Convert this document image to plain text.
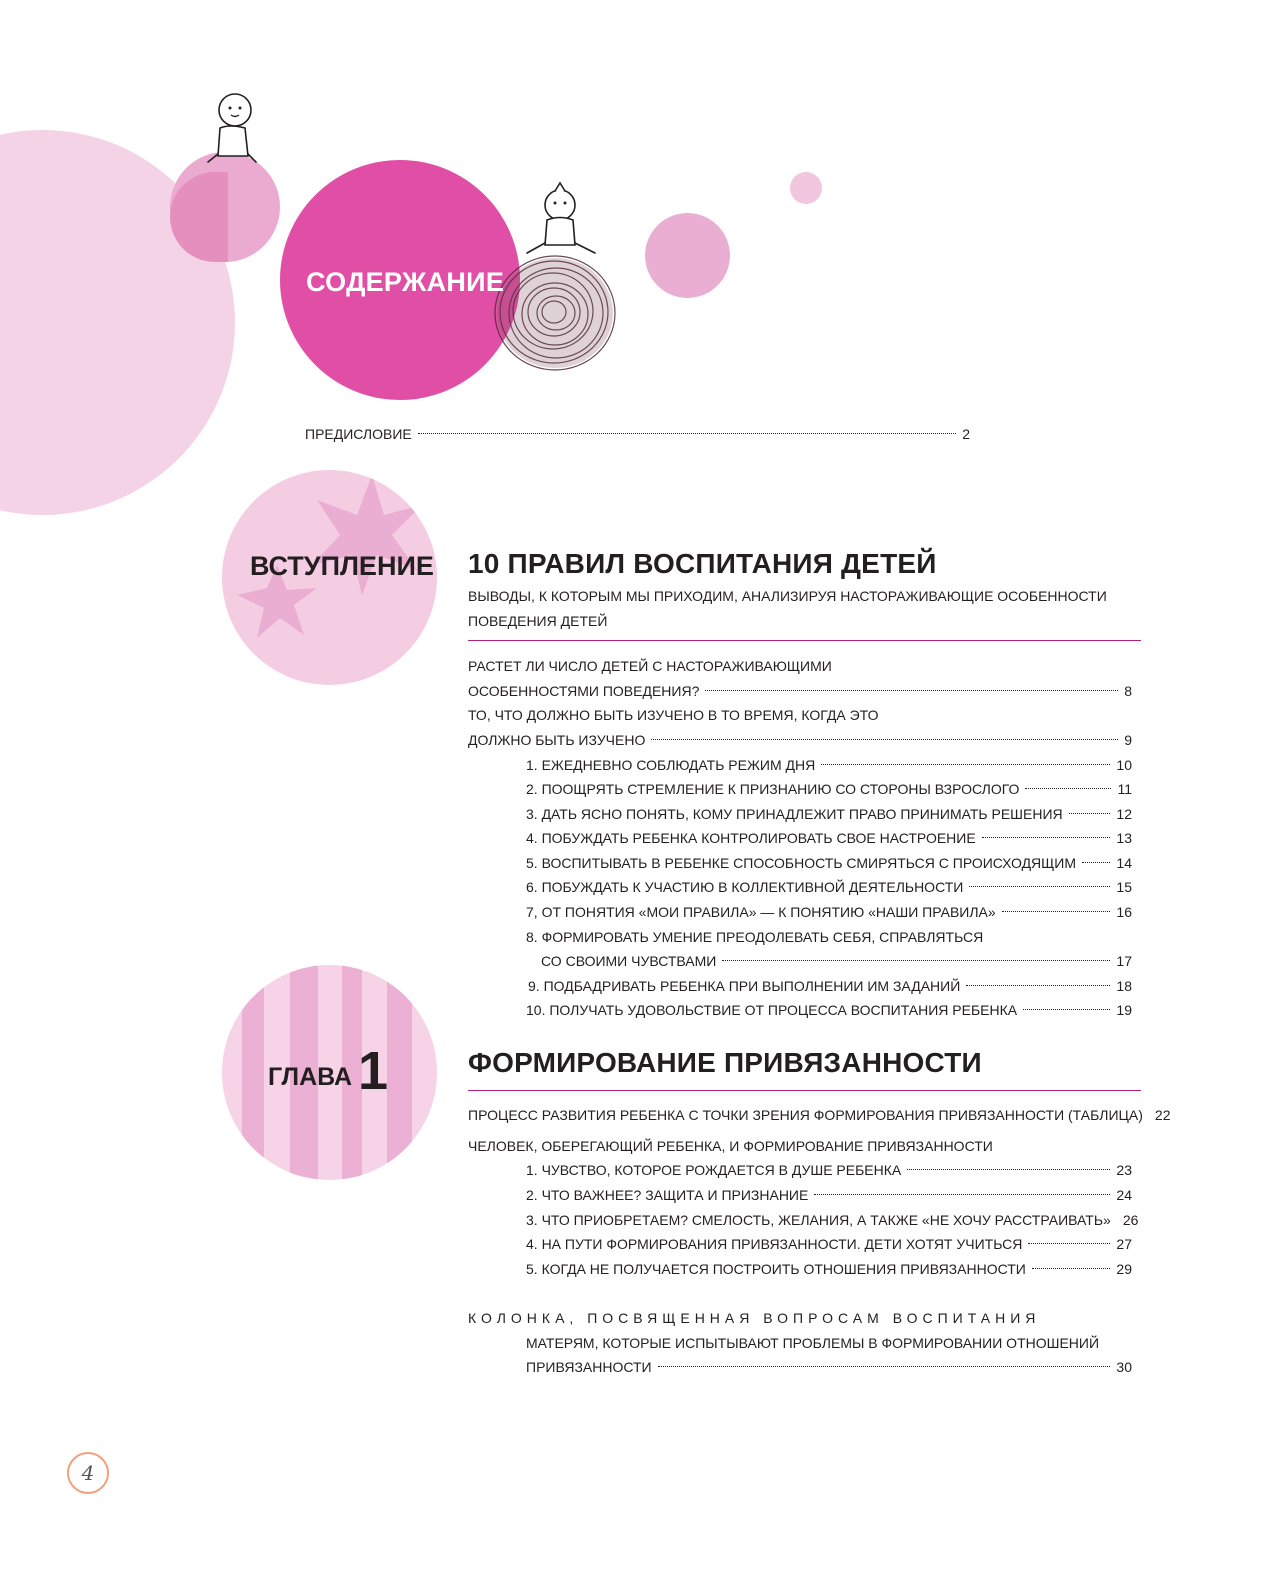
СОДЕРЖАНИЕ
ПРЕДИСЛОВИЕ	2
ВСТУПЛЕНИЕ 10 ПРАВИЛ ВОСПИТАНИЯ ДЕТЕЙ
ВЫВОДЫ, К КОТОРЫМ МЫ ПРИХОДИМ, АНАЛИЗИРУЯ НАСТОРАЖИВАЮЩИЕ ОСОБЕННОСТИ ПОВЕДЕНИЯ ДЕТЕЙ
РАСТЕТ ЛИ ЧИСЛО ДЕТЕЙ С НАСТОРАЖИВАЮЩИМИ
ОСОБЕННОСТЯМИ ПОВЕДЕНИЯ?	8
ТО, ЧТО ДОЛЖНО БЫТЬ ИЗУЧЕНО В ТО ВРЕМЯ, КОГДА ЭТО
ДОЛЖНО БЫТЬ ИЗУЧЕНО	9
1. ЕЖЕДНЕВНО СОБЛЮДАТЬ РЕЖИМ ДНЯ	10
2. ПООЩРЯТЬ СТРЕМЛЕНИЕ К ПРИЗНАНИЮ СО СТОРОНЫ ВЗРОСЛОГО	11
3. ДАТЬ ЯСНО ПОНЯТЬ, КОМУ ПРИНАДЛЕЖИТ ПРАВО ПРИНИМАТЬ РЕШЕНИЯ	12
4. ПОБУЖДАТЬ РЕБЕНКА КОНТРОЛИРОВАТЬ СВОЕ НАСТРОЕНИЕ	13
5. ВОСПИТЫВАТЬ В РЕБЕНКЕ СПОСОБНОСТЬ СМИРЯТЬСЯ С ПРОИСХОДЯЩИМ	14
6. ПОБУЖДАТЬ К УЧАСТИЮ В КОЛЛЕКТИВНОЙ ДЕЯТЕЛЬНОСТИ	15
7, ОТ ПОНЯТИЯ «МОИ ПРАВИЛА» — К ПОНЯТИЮ «НАШИ ПРАВИЛА»	16
8. ФОРМИРОВАТЬ УМЕНИЕ ПРЕОДОЛЕВАТЬ СЕБЯ, СПРАВЛЯТЬСЯ
СО СВОИМИ ЧУВСТВАМИ	17
9. ПОДБАДРИВАТЬ РЕБЕНКА ПРИ ВЫПОЛНЕНИИ ИМ ЗАДАНИЙ	18
10. ПОЛУЧАТЬ УДОВОЛЬСТВИЕ ОТ ПРОЦЕССА ВОСПИТАНИЯ РЕБЕНКА	19
ГЛАВА 1	ФОРМИРОВАНИЕ ПРИВЯЗАННОСТИ
ПРОЦЕСС РАЗВИТИЯ РЕБЕНКА С ТОЧКИ ЗРЕНИЯ ФОРМИРОВАНИЯ ПРИВЯЗАННОСТИ (ТАБЛИЦА) 22
ЧЕЛОВЕК, ОБЕРЕГАЮЩИЙ РЕБЕНКА, И ФОРМИРОВАНИЕ ПРИВЯЗАННОСТИ
1. ЧУВСТВО, КОТОРОЕ РОЖДАЕТСЯ В ДУШЕ РЕБЕНКА	23
2. ЧТО ВАЖНЕЕ? ЗАЩИТА И ПРИЗНАНИЕ	24
3. ЧТО ПРИОБРЕТАЕМ? СМЕЛОСТЬ, ЖЕЛАНИЯ, А ТАКЖЕ «НЕ ХОЧУ РАССТРАИВАТЬ» 26
4. НА ПУТИ ФОРМИРОВАНИЯ ПРИВЯЗАННОСТИ. ДЕТИ ХОТЯТ УЧИТЬСЯ	27
5. КОГДА НЕ ПОЛУЧАЕТСЯ ПОСТРОИТЬ ОТНОШЕНИЯ ПРИВЯЗАННОСТИ	29
КОЛОНКА, ПОСВЯЩЕННАЯ ВОПРОСАМ ВОСПИТАНИЯ
МАТЕРЯМ, КОТОРЫЕ ИСПЫТЫВАЮТ ПРОБЛЕМЫ В ФОРМИРОВАНИИ ОТНОШЕНИЙ
ПРИВЯЗАННОСТИ	30
4
